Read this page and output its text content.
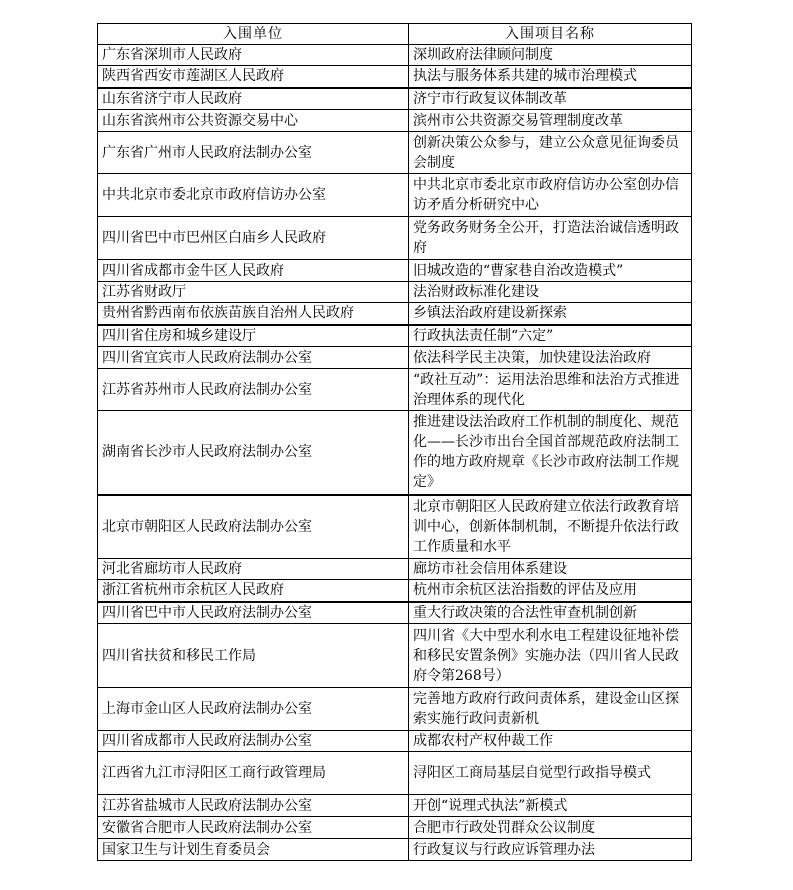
入围单位	入围项目名称
广东省深圳市人民政府	深圳政府法律顾问制度
陕西省西安市莲湖区人民政府	执法与服务体系共建的城市治理模式
山东省济宁市人民政府	济宁市行政复议体制改革
山东省滨州市公共资源交易中心	滨州市公共资源交易管理制度改革
广东省广州市人民政府法制办公室	创新决策公众参与，建立公众意见征询委员会制度
中共北京市委北京市政府信访办公室	中共北京市委北京市政府信访办公室创办信访矛盾分析研究中心
四川省巴中市巴州区白庙乡人民政府	党务政务财务全公开，打造法治诚信透明政府
四川省成都市金牛区人民政府	旧城改造的“曹家巷自治改造模式”
江苏省财政厅	法治财政标准化建设
贵州省黔西南布依族苗族自治州人民政府	乡镇法治政府建设新探索
四川省住房和城乡建设厅	行政执法责任制“六定”
四川省宜宾市人民政府法制办公室	依法科学民主决策，加快建设法治政府
江苏省苏州市人民政府法制办公室	“政社互动”：运用法治思维和法治方式推进治理体系的现代化
湖南省长沙市人民政府法制办公室	推进建设法治政府工作机制的制度化、规范化——长沙市出台全国首部规范政府法制工作的地方政府规章《长沙市政府法制工作规定》
北京市朝阳区人民政府法制办公室	北京市朝阳区人民政府建立依法行政教育培训中心，创新体制机制，不断提升依法行政工作质量和水平
河北省廊坊市人民政府	廊坊市社会信用体系建设
浙江省杭州市余杭区人民政府	杭州市余杭区法治指数的评估及应用
四川省巴中市人民政府法制办公室	重大行政决策的合法性审查机制创新
四川省扶贫和移民工作局	四川省《大中型水利水电工程建设征地补偿和移民安置条例》实施办法（四川省人民政府令第268号）
上海市金山区人民政府法制办公室	完善地方政府行政问责体系，建设金山区探索实施行政问责新机
四川省成都市人民政府法制办公室	成都农村产权仲裁工作
江西省九江市浔阳区工商行政管理局	浔阳区工商局基层自觉型行政指导模式
江苏省盐城市人民政府法制办公室	开创“说理式执法”新模式
安徽省合肥市人民政府法制办公室	合肥市行政处罚群众公议制度
国家卫生与计划生育委员会	行政复议与行政应诉管理办法
